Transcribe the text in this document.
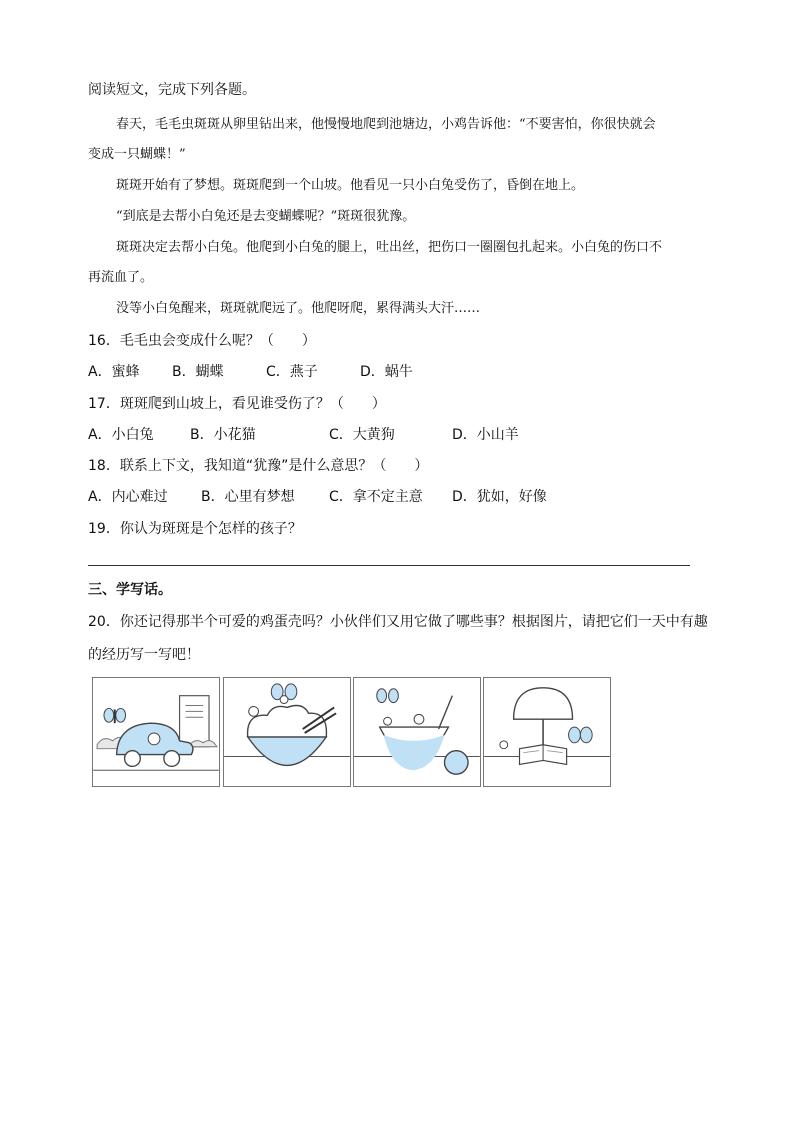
阅读短文，完成下列各题。
春天，毛毛虫斑斑从卵里钻出来，他慢慢地爬到池塘边，小鸡告诉他：“不要害怕，你很快就会
变成一只蝴蝶！”
斑斑开始有了梦想。斑斑爬到一个山坡。他看见一只小白兔受伤了，昏倒在地上。
“到底是去帮小白兔还是去变蝴蝶呢？”斑斑很犹豫。
斑斑决定去帮小白兔。他爬到小白兔的腿上，吐出丝，把伤口一圈圈包扎起来。小白兔的伤口不
再流血了。
没等小白兔醒来，斑斑就爬远了。他爬呀爬，累得满头大汗……
16．毛毛虫会变成什么呢？（　　）
A．蜜蜂 B．蝴蝶	C．燕子	D．蜗牛
17．斑斑爬到山坡上，看见谁受伤了？（　　）
A．小白兔	B．小花猫	C．大黄狗	D．小山羊
18．联系上下文，我知道“犹豫”是什么意思？（　　）
A．内心难过 B．心里有梦想 C．拿不定主意 D．犹如，好像
19．你认为斑斑是个怎样的孩子？
三、学写话。
20．你还记得那半个可爱的鸡蛋壳吗？小伙伴们又用它做了哪些事？根据图片，请把它们一天中有趣
的经历写一写吧！
